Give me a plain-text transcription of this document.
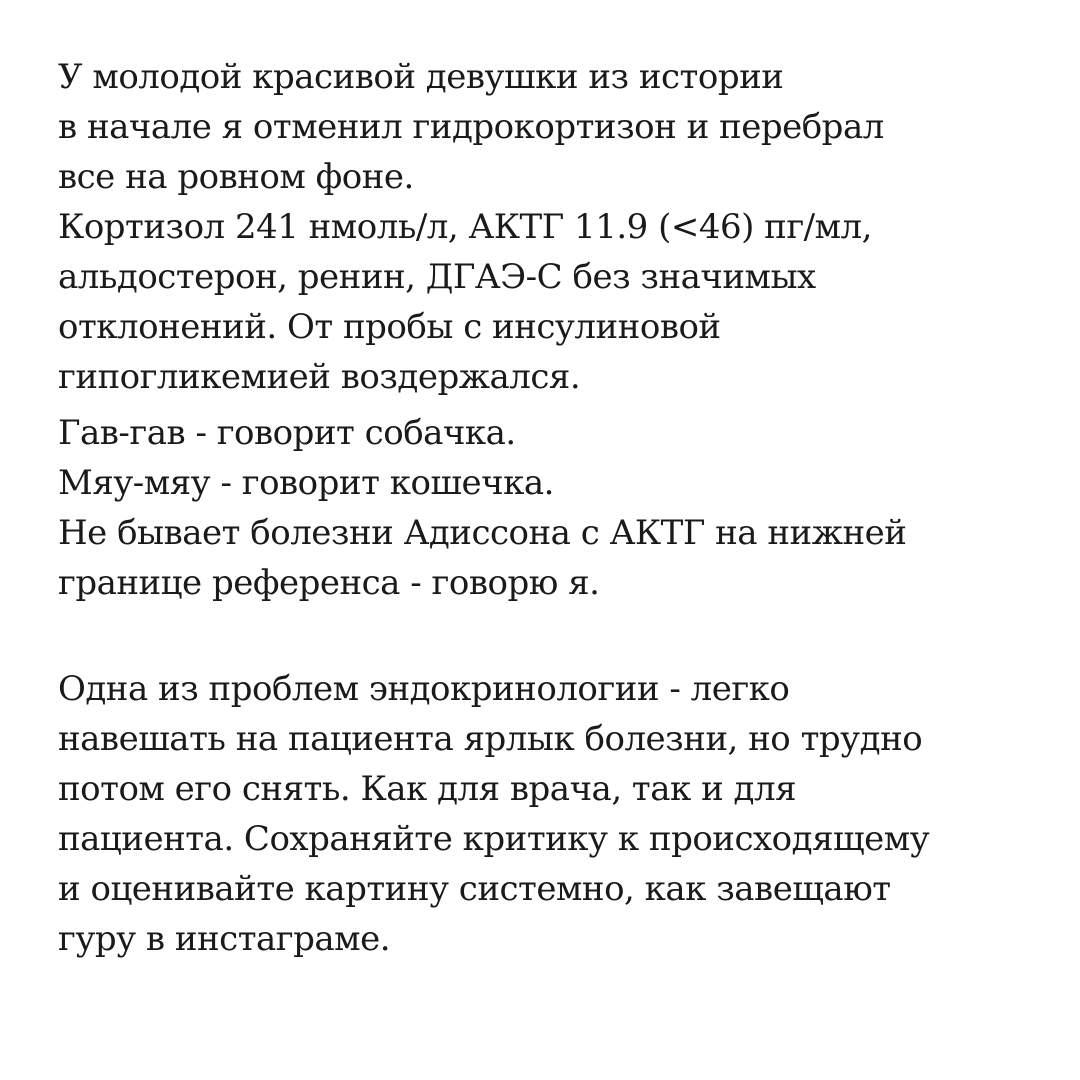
У молодой красивой девушки из истории
в начале я отменил гидрокортизон и перебрал
все на ровном фоне.
Кортизол 241 нмоль/л, АКТГ 11.9 (<46) пг/мл,
альдостерон, ренин, ДГАЭ-С без значимых
отклонений. От пробы с инсулиновой
гипогликемией воздержался.
Гав-гав - говорит собачка.
Мяу-мяу - говорит кошечка.
Не бывает болезни Адиссона с АКТГ на нижней
границе референса - говорю я.
Одна из проблем эндокринологии - легко
навешать на пациента ярлык болезни, но трудно
потом его снять. Как для врача, так и для
пациента. Сохраняйте критику к происходящему
и оценивайте картину системно, как завещают
гуру в инстаграме.
